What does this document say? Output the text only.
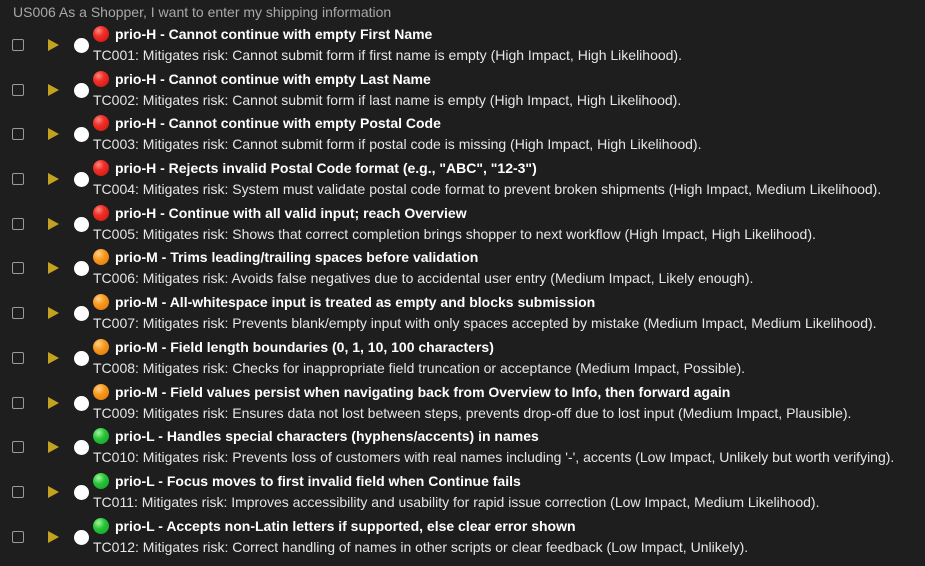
US006 As a Shopper, I want to enter my shipping information
prio-H - Cannot continue with empty First Name
TC001: Mitigates risk: Cannot submit form if first name is empty (High Impact, High Likelihood).
prio-H - Cannot continue with empty Last Name
TC002: Mitigates risk: Cannot submit form if last name is empty (High Impact, High Likelihood).
prio-H - Cannot continue with empty Postal Code
TC003: Mitigates risk: Cannot submit form if postal code is missing (High Impact, High Likelihood).
prio-H - Rejects invalid Postal Code format (e.g., "ABC", "12-3")
TC004: Mitigates risk: System must validate postal code format to prevent broken shipments (High Impact, Medium Likelihood).
prio-H - Continue with all valid input; reach Overview
TC005: Mitigates risk: Shows that correct completion brings shopper to next workflow (High Impact, High Likelihood).
prio-M - Trims leading/trailing spaces before validation
TC006: Mitigates risk: Avoids false negatives due to accidental user entry (Medium Impact, Likely enough).
prio-M - All-whitespace input is treated as empty and blocks submission
TC007: Mitigates risk: Prevents blank/empty input with only spaces accepted by mistake (Medium Impact, Medium Likelihood).
prio-M - Field length boundaries (0, 1, 10, 100 characters)
TC008: Mitigates risk: Checks for inappropriate field truncation or acceptance (Medium Impact, Possible).
prio-M - Field values persist when navigating back from Overview to Info, then forward again
TC009: Mitigates risk: Ensures data not lost between steps, prevents drop-off due to lost input (Medium Impact, Plausible).
prio-L - Handles special characters (hyphens/accents) in names
TC010: Mitigates risk: Prevents loss of customers with real names including '-', accents (Low Impact, Unlikely but worth verifying).
prio-L - Focus moves to first invalid field when Continue fails
TC011: Mitigates risk: Improves accessibility and usability for rapid issue correction (Low Impact, Medium Likelihood).
prio-L - Accepts non-Latin letters if supported, else clear error shown
TC012: Mitigates risk: Correct handling of names in other scripts or clear feedback (Low Impact, Unlikely).
